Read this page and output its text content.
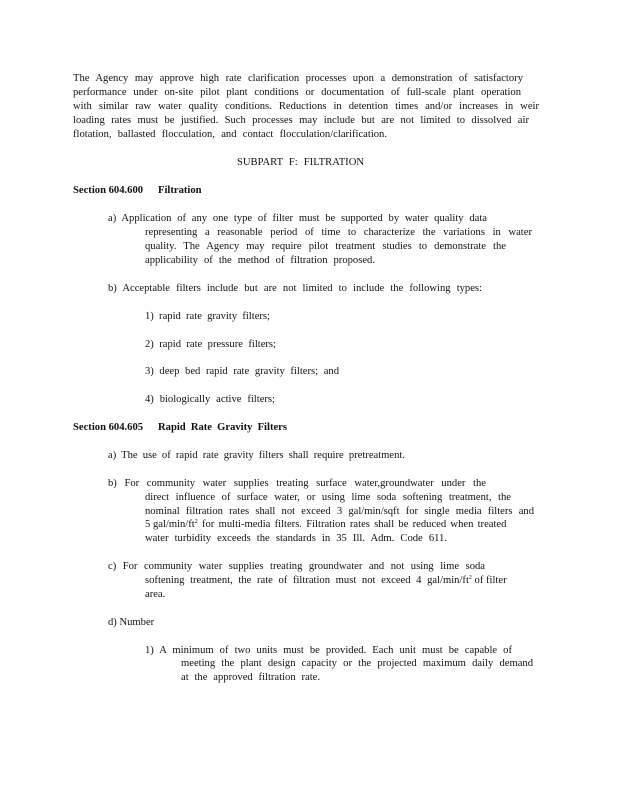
The Agency may approve high rate clarification processes upon a demonstration of satisfactory
performance under on-site pilot plant conditions or documentation of full-scale plant operation
with similar raw water quality conditions. Reductions in detention times and/or increases in weir
loading rates must be justified. Such processes may include but are not limited to dissolved air
flotation, ballasted flocculation, and contact flocculation/clarification.
SUBPART F: FILTRATION
Section 604.600 Filtration
a) Application of any one type of filter must be supported by water quality data
representing a reasonable period of time to characterize the variations in water
quality. The Agency may require pilot treatment studies to demonstrate the
applicability of the method of filtration proposed.
b) Acceptable filters include but are not limited to include the following types:
1) rapid rate gravity filters;
2) rapid rate pressure filters;
3) deep bed rapid rate gravity filters; and
4) biologically active filters;
Section 604.605 Rapid Rate Gravity Filters
a) The use of rapid rate gravity filters shall require pretreatment.
b) For community water supplies treating surface water,groundwater under the
direct influence of surface water, or using lime soda softening treatment, the
nominal filtration rates shall not exceed 3 gal/min/sqft for single media filters and
5 gal/$\min/ft^2$ for multi-media filters. Filtration rates shall be reduced when treated
water turbidity exceeds the standards in 35 Ill. Adm. Code 611.
c) For community water supplies treating groundwater and not using lime soda
softening treatment, the rate of filtration must not exceed 4 gal/$\min/ft^2$ of filter
area.
d) Number
1) A minimum of two units must be provided. Each unit must be capable of
meeting the plant design capacity or the projected maximum daily demand
at the approved filtration rate.
